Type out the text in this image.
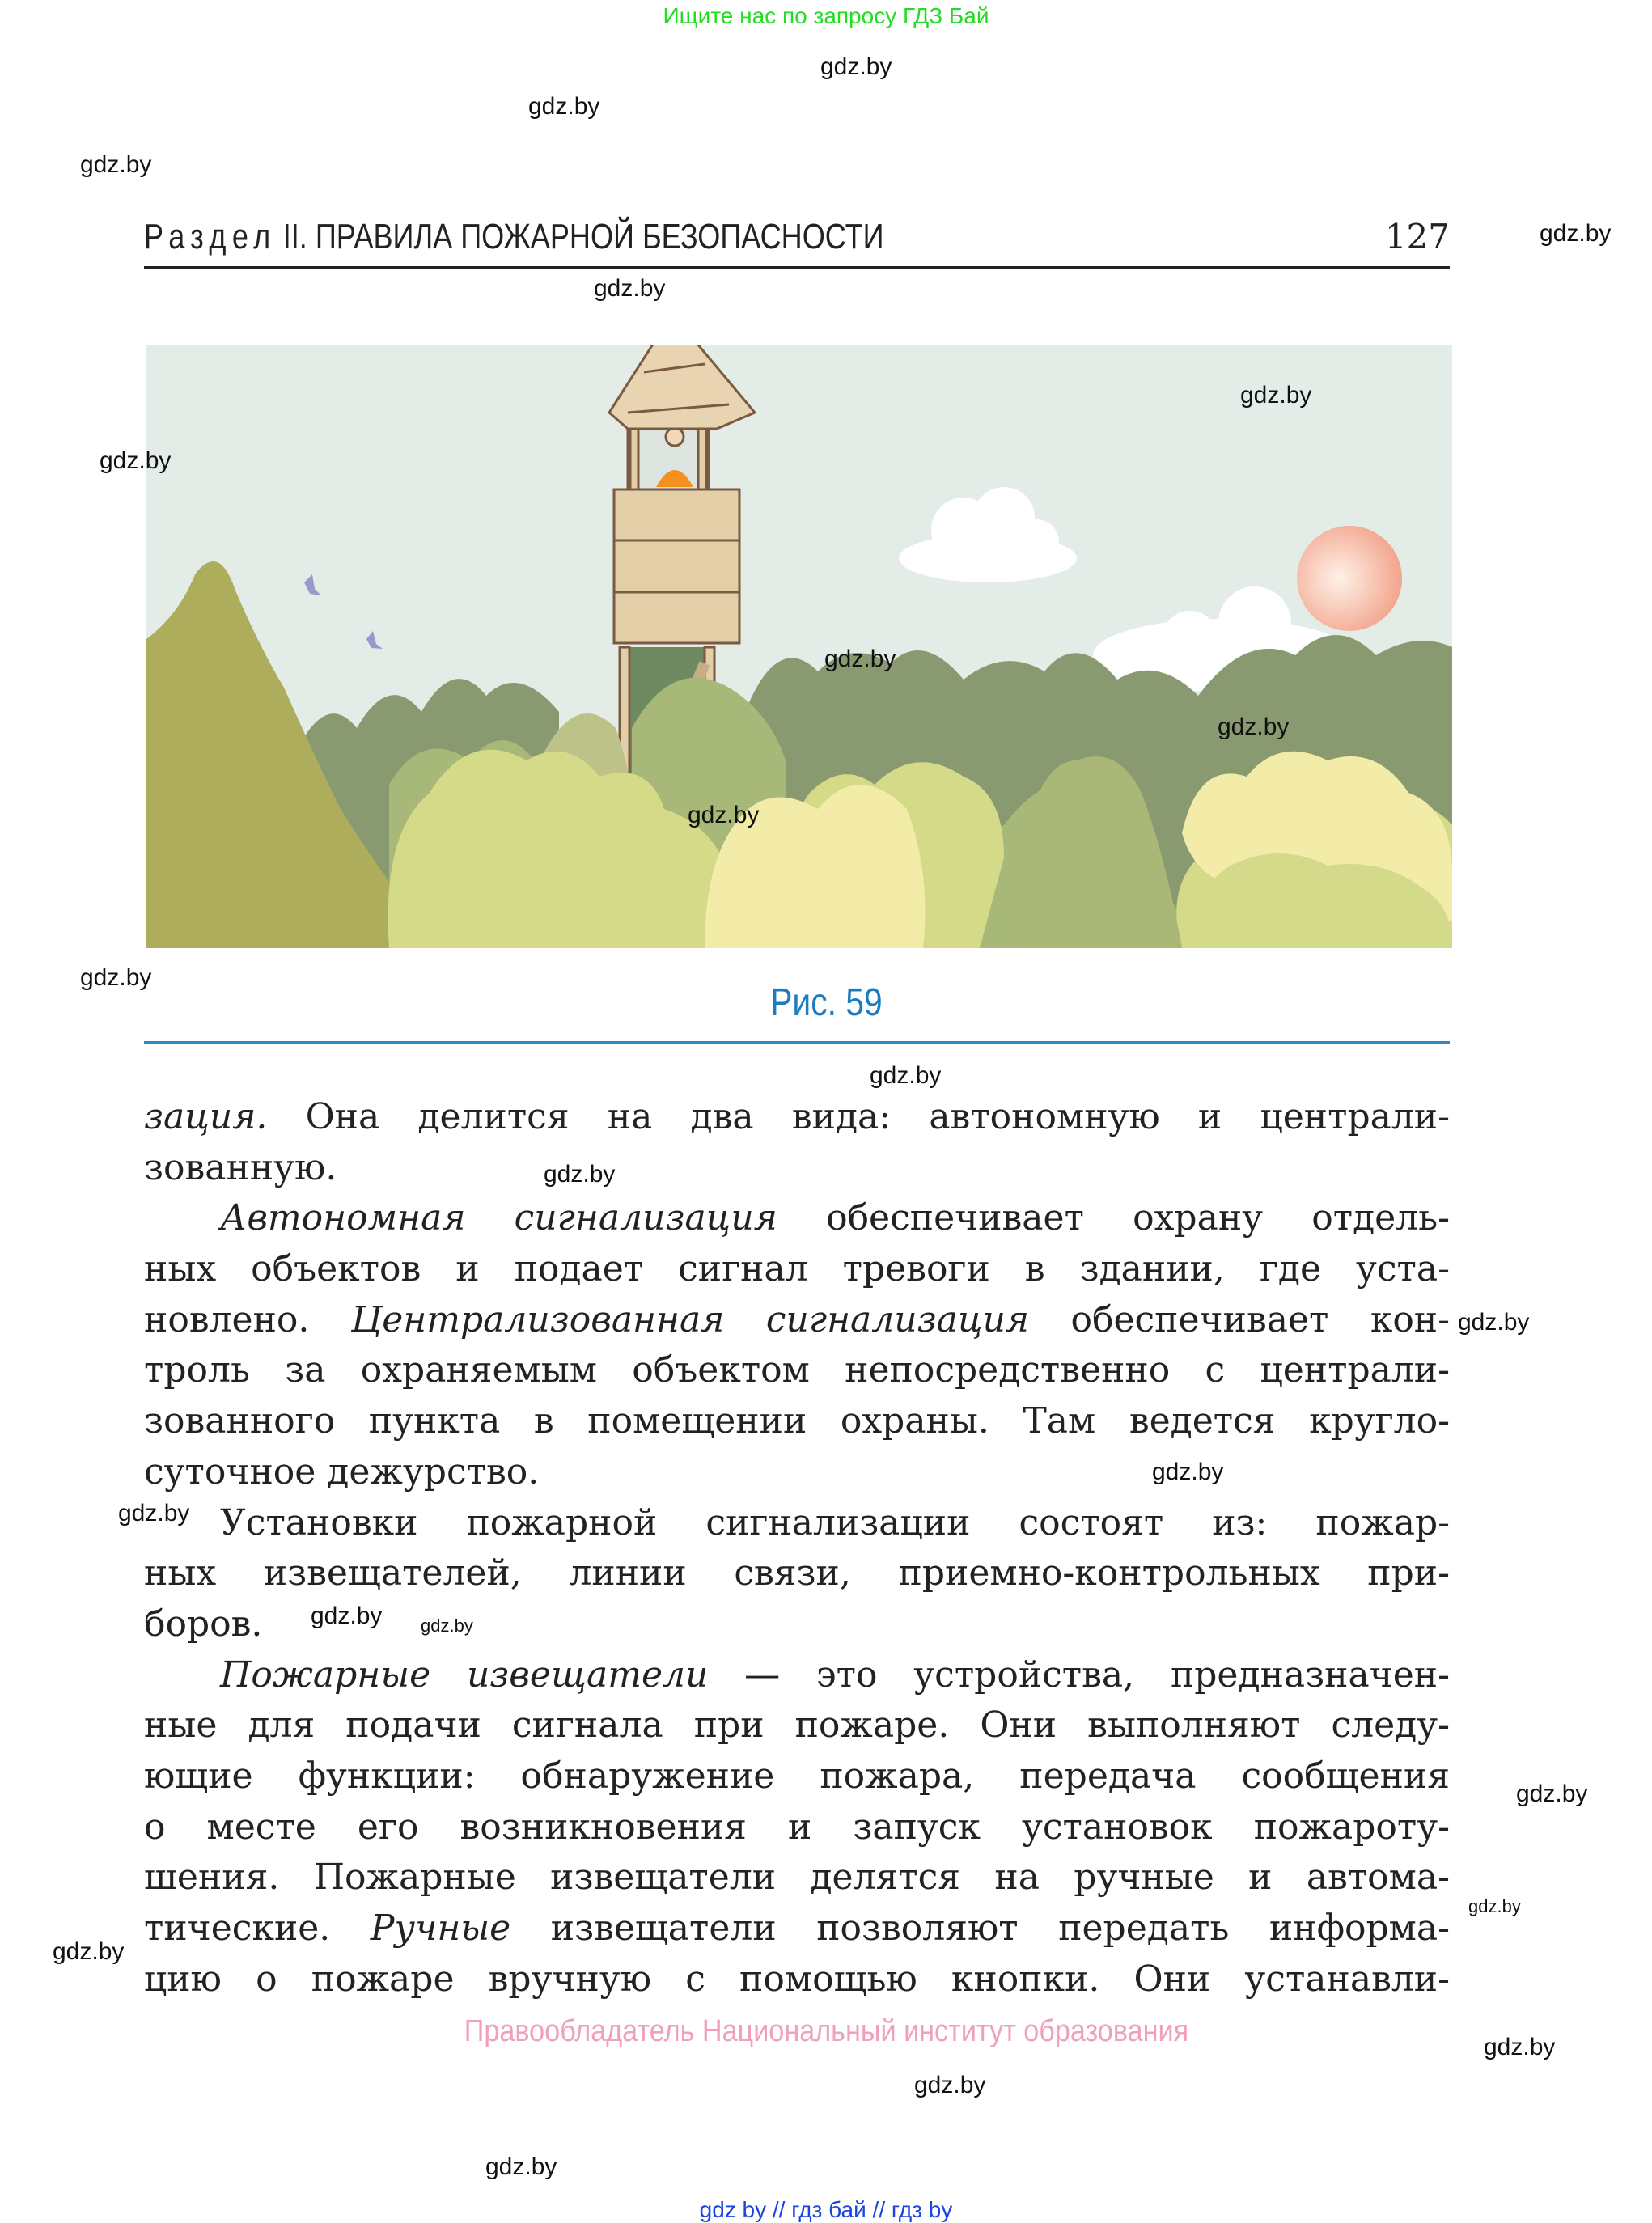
Ищите нас по запросу ГДЗ Бай
Раздел II. ПРАВИЛА ПОЖАРНОЙ БЕЗОПАСНОСТИ	127
Рис. 59
зация. Она делится на два вида: автономную и централи-
зованную.
Автономная сигнализация обеспечивает охрану отдель-
ных объектов и подает сигнал тревоги в здании, где уста-
новлено. Централизованная сигнализация обеспечивает кон-
троль за охраняемым объектом непосредственно с централи-
зованного пункта в помещении охраны. Там ведется кругло-
суточное дежурство.
Установки пожарной сигнализации состоят из: пожар-
ных извещателей, линии связи, приемно-контрольных при-
боров.
Пожарные извещатели — это устройства, предназначен-
ные для подачи сигнала при пожаре. Они выполняют следу-
ющие функции: обнаружение пожара, передача сообщения
о месте его возникновения и запуск установок пожароту-
шения. Пожарные извещатели делятся на ручные и автома-
тические. Ручные извещатели позволяют передать информа-
цию о пожаре вручную с помощью кнопки. Они устанавли-
Правообладатель Национальный институт образования
gdz by // гдз бай // гдз by
gdz.by
gdz.by
gdz.by
gdz.by
gdz.by
gdz.by
gdz.by
gdz.by
gdz.by
gdz.by
gdz.by
gdz.by
gdz.by
gdz.by
gdz.by
gdz.by
gdz.by gdz.by
gdz.by
gdz.by
gdz.by
gdz.by
gdz.by
gdz.by
